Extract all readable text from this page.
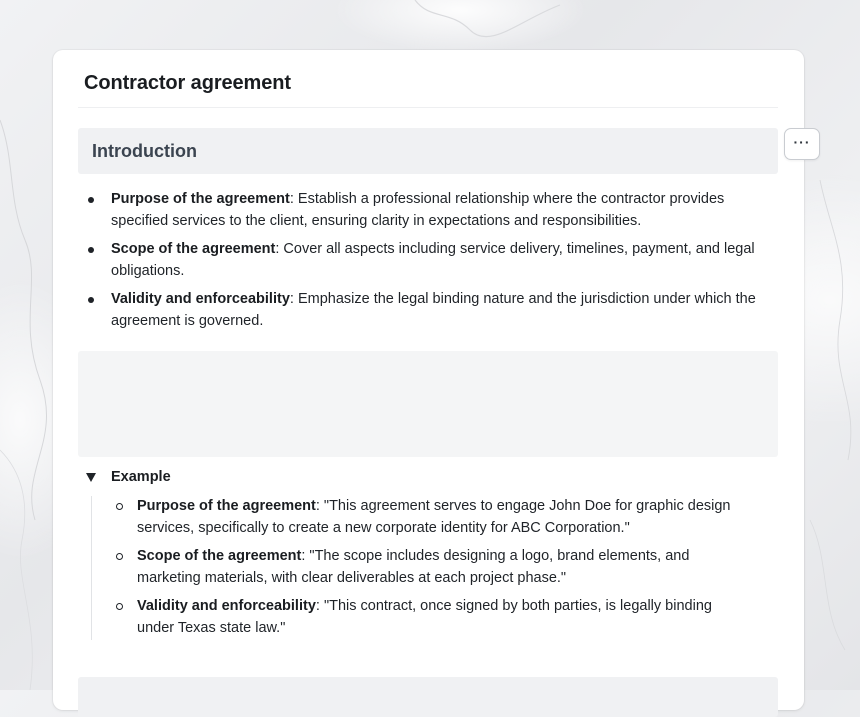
Contractor agreement
Introduction
Purpose of the agreement: Establish a professional relationship where the contractor provides specified services to the client, ensuring clarity in expectations and responsibilities.
Scope of the agreement: Cover all aspects including service delivery, timelines, payment, and legal obligations.
Validity and enforceability: Emphasize the legal binding nature and the jurisdiction under which the agreement is governed.
Example
Purpose of the agreement: "This agreement serves to engage John Doe for graphic design services, specifically to create a new corporate identity for ABC Corporation."
Scope of the agreement: "The scope includes designing a logo, brand elements, and marketing materials, with clear deliverables at each project phase."
Validity and enforceability: "This contract, once signed by both parties, is legally binding under Texas state law."
···
